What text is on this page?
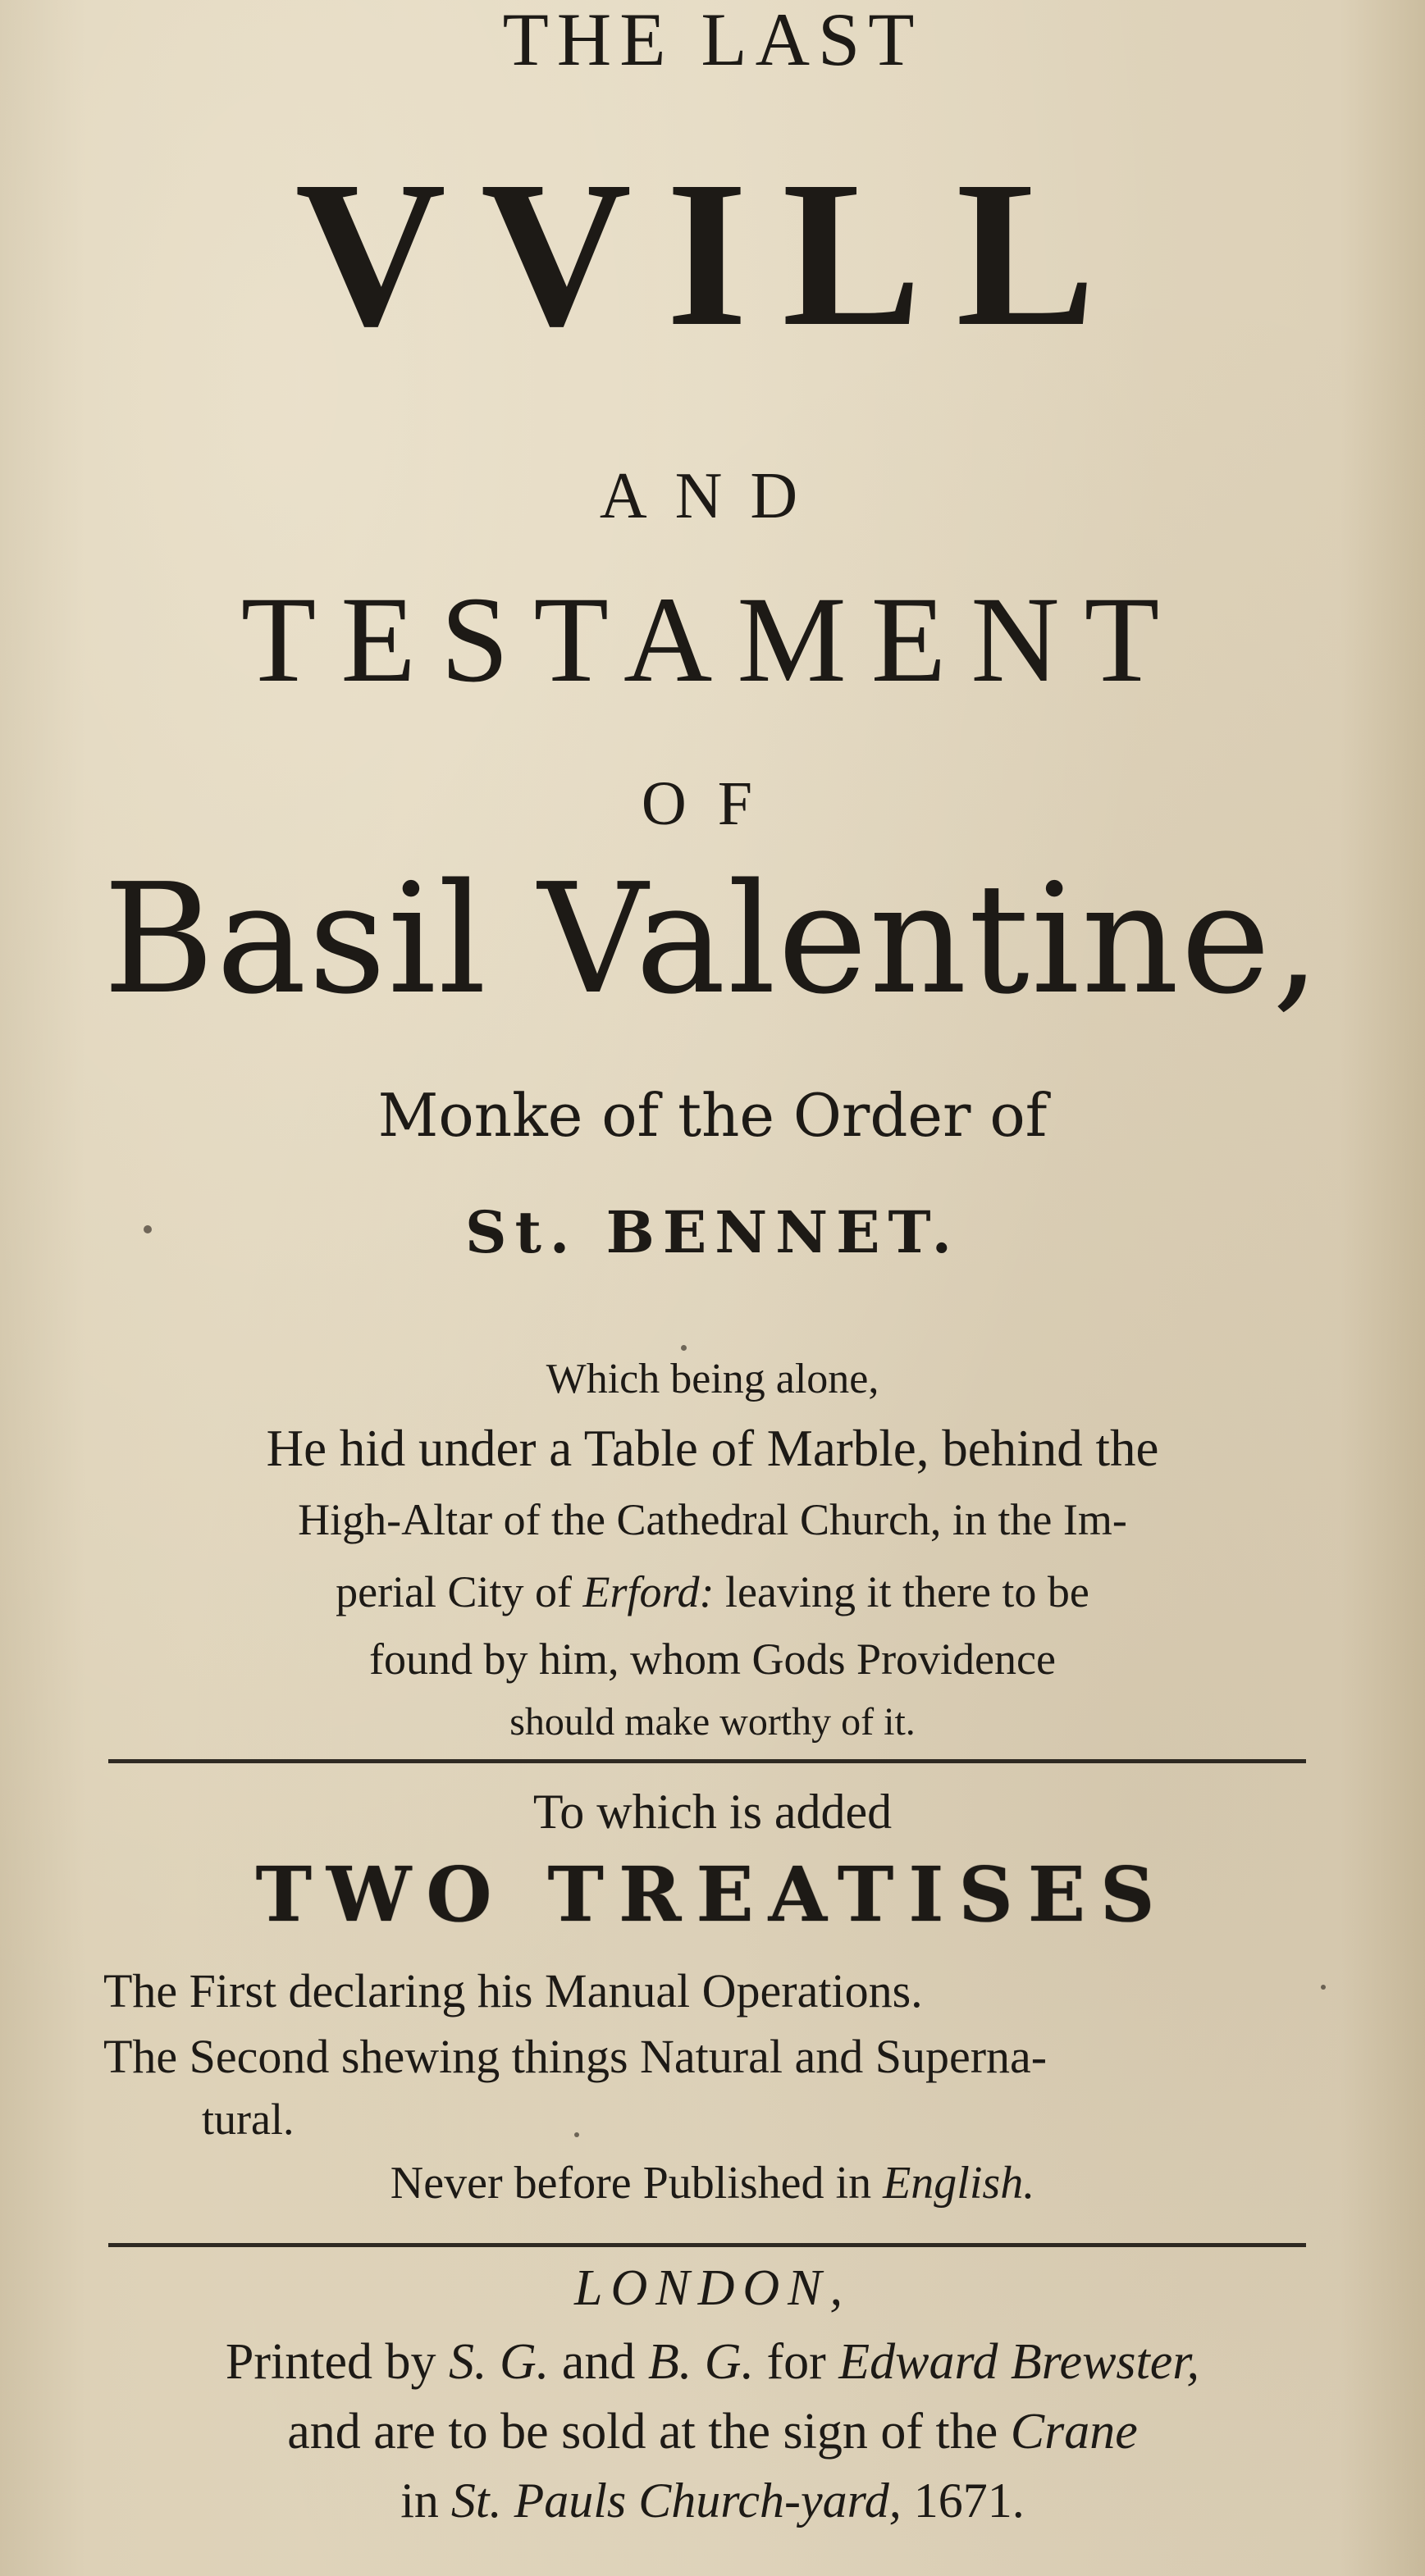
THE LAST
VVILL
AND
TESTAMENT
OF
Basil Valentine,
Monke of the Order of
St. BENNET.
Which being alone,
He hid under a Table of Marble, behind the
High-Altar of the Cathedral Church, in the Im-
perial City of Erford: leaving it there to be
found by him, whom Gods Providence
should make worthy of it.
To which is added
TWO TREATISES
The First declaring his Manual Operations.
The Second shewing things Natural and Superna-
tural.
Never before Published in English.
LONDON,
Printed by S. G. and B. G. for Edward Brewster,
and are to be sold at the sign of the Crane
in St. Pauls Church-yard, 1671.
